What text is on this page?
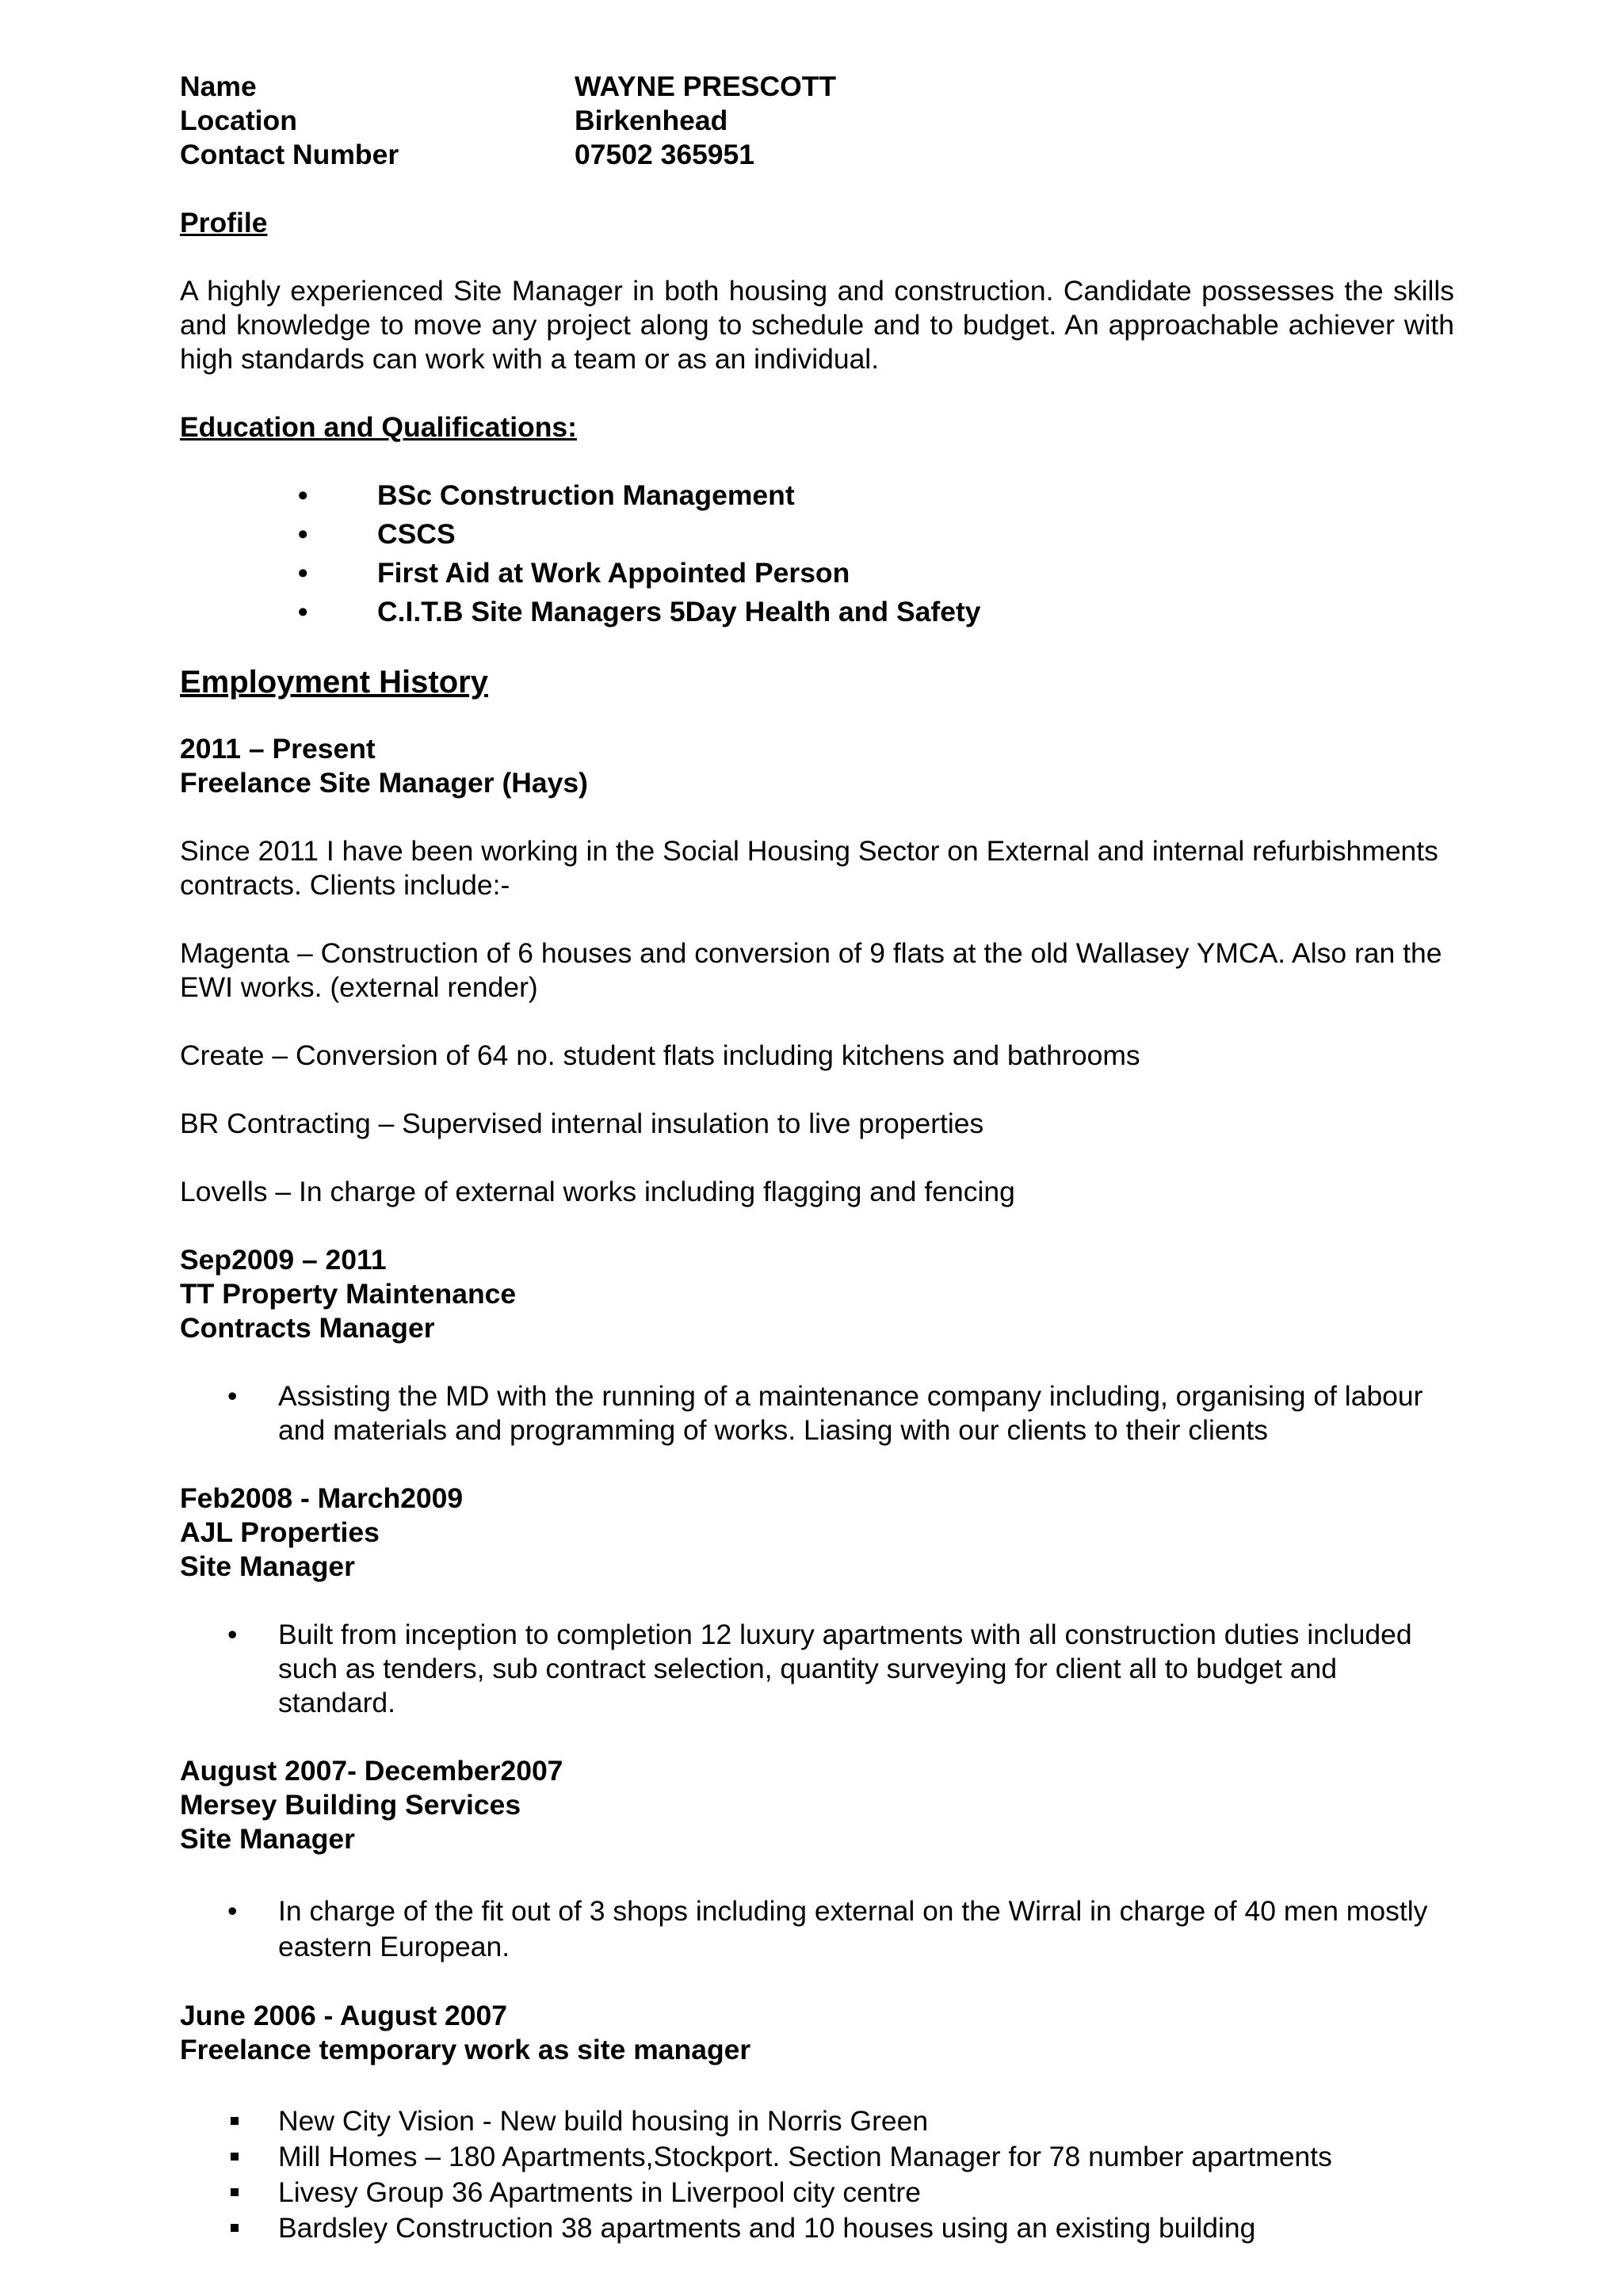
Name	WAYNE PRESCOTT
Location	Birkenhead
Contact Number	07502 365951

Profile

A highly experienced Site Manager in both housing and construction. Candidate possesses the skills and knowledge to move any project along to schedule and to budget. An approachable achiever with high standards can work with a team or as an individual.

Education and Qualifications:

• BSc Construction Management
• CSCS
• First Aid at Work Appointed Person
• C.I.T.B Site Managers 5Day Health and Safety

Employment History

2011 – Present

Freelance Site Manager (Hays)

Since 2011 I have been working in the Social Housing Sector on External and internal refurbishments contracts. Clients include:-

Magenta – Construction of 6 houses and conversion of 9 flats at the old Wallasey YMCA. Also ran the EWI works. (external render)

Create – Conversion of 64 no. student flats including kitchens and bathrooms

BR Contracting – Supervised internal insulation to live properties

Lovells – In charge of external works including flagging and fencing

Sep2009 – 2011

TT Property Maintenance

Contracts Manager

• Assisting the MD with the running of a maintenance company including, organising of labour and materials and programming of works. Liasing with our clients to their clients

Feb2008 - March2009

AJL Properties

Site Manager

• Built from inception to completion 12 luxury apartments with all construction duties included such as tenders, sub contract selection, quantity surveying for client all to budget and standard.

August 2007- December2007

Mersey Building Services

Site Manager

• In charge of the fit out of 3 shops including external on the Wirral in charge of 40 men mostly eastern European.

June 2006 - August 2007

Freelance temporary work as site manager

New City Vision - New build housing in Norris Green
Mill Homes – 180 Apartments,Stockport. Section Manager for 78 number apartments
Livesy Group 36 Apartments in Liverpool city centre
Bardsley Construction 38 apartments and 10 houses using an existing building
